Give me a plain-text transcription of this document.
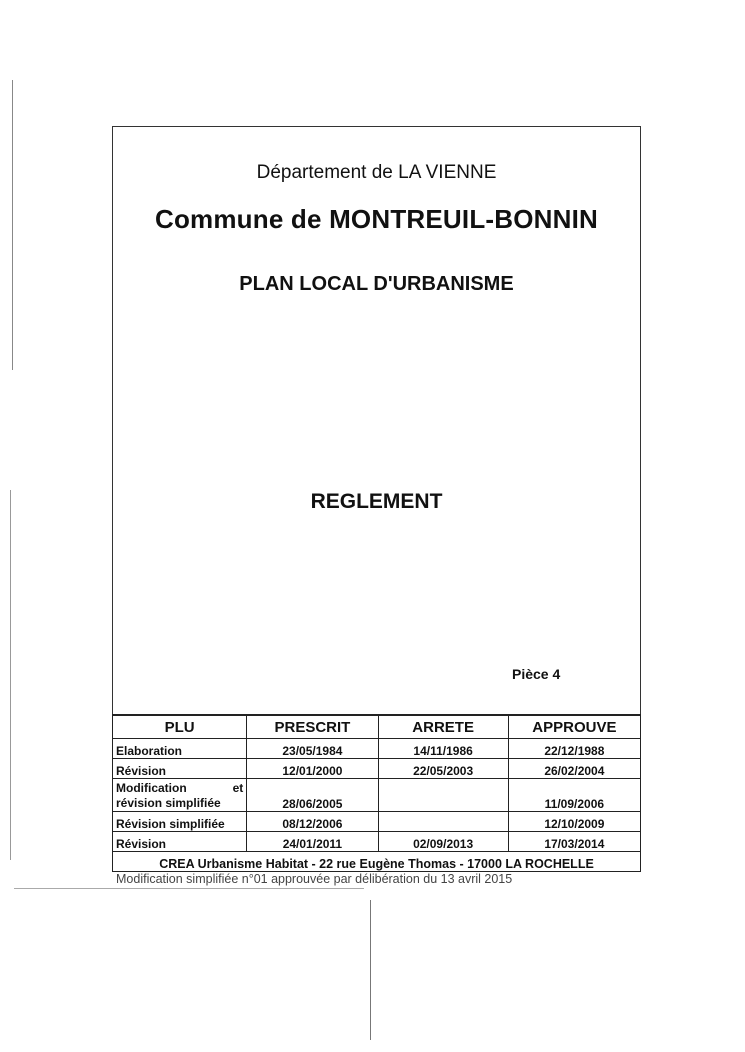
Département de LA VIENNE
Commune de MONTREUIL-BONNIN
PLAN LOCAL D'URBANISME
REGLEMENT
Pièce 4
PLU	PRESCRIT	ARRETE	APPROUVE
Elaboration	23/05/1984	14/11/1986	22/12/1988
Révision	12/01/2000	22/05/2003	26/02/2004

Modification et
révision simplifiée	28/06/2005		11/09/2006
Révision simplifiée	08/12/2006		12/10/2009
Révision	24/01/2011	02/09/2013	17/03/2014
CREA Urbanisme Habitat - 22 rue Eugène Thomas - 17000 LA ROCHELLE			
Modification simplifiée n°01 approuvée par délibération du 13 avril 2015
